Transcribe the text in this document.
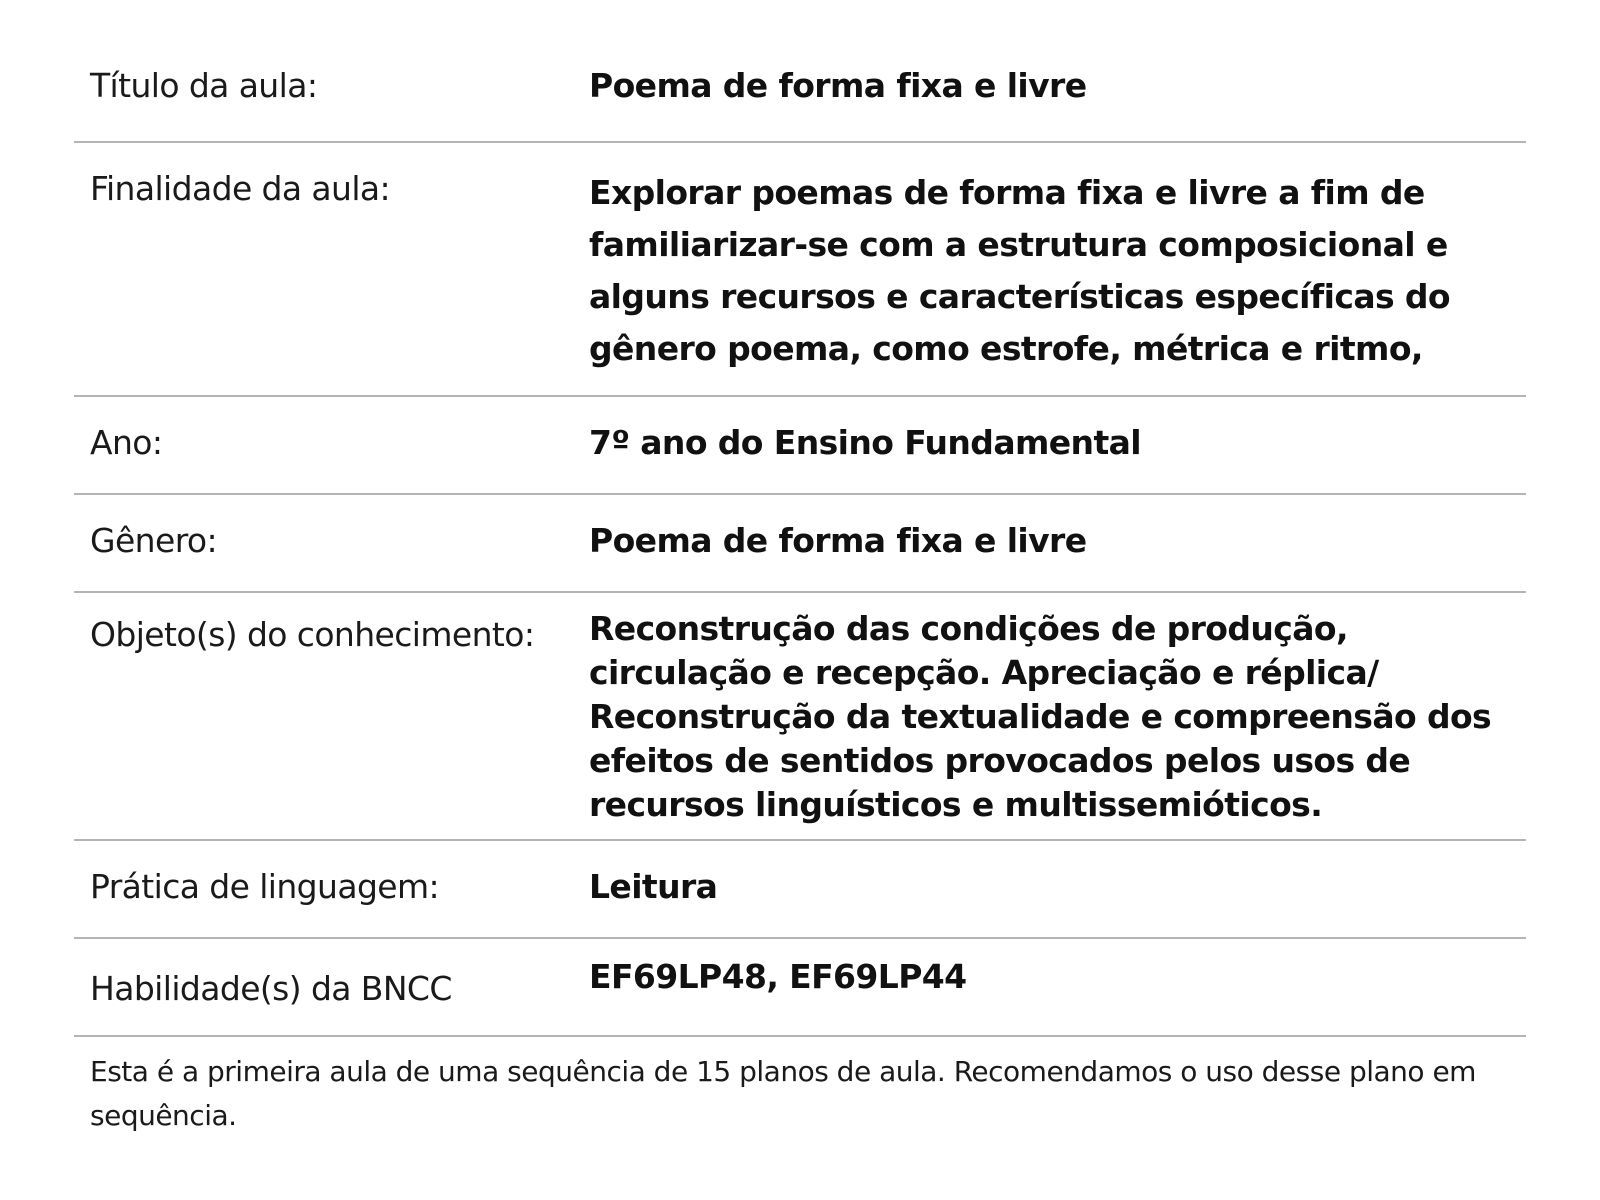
Título da aula:	Poema de forma fixa e livre
Finalidade da aula:	Explorar poemas de forma fixa e livre a fim de familiarizar-se com a estrutura composicional e alguns recursos e características específicas do gênero poema, como estrofe, métrica e ritmo,
Ano:	7º ano do Ensino Fundamental
Gênero:	Poema de forma fixa e livre
Objeto(s) do conhecimento:	Reconstrução das condições de produção, circulação e recepção. Apreciação e réplica/ Reconstrução da textualidade e compreensão dos efeitos de sentidos provocados pelos usos de recursos linguísticos e multissemióticos.
Prática de linguagem:	Leitura
Habilidade(s) da BNCC	EF69LP48, EF69LP44
Esta é a primeira aula de uma sequência de 15 planos de aula. Recomendamos o uso desse plano em sequência.
